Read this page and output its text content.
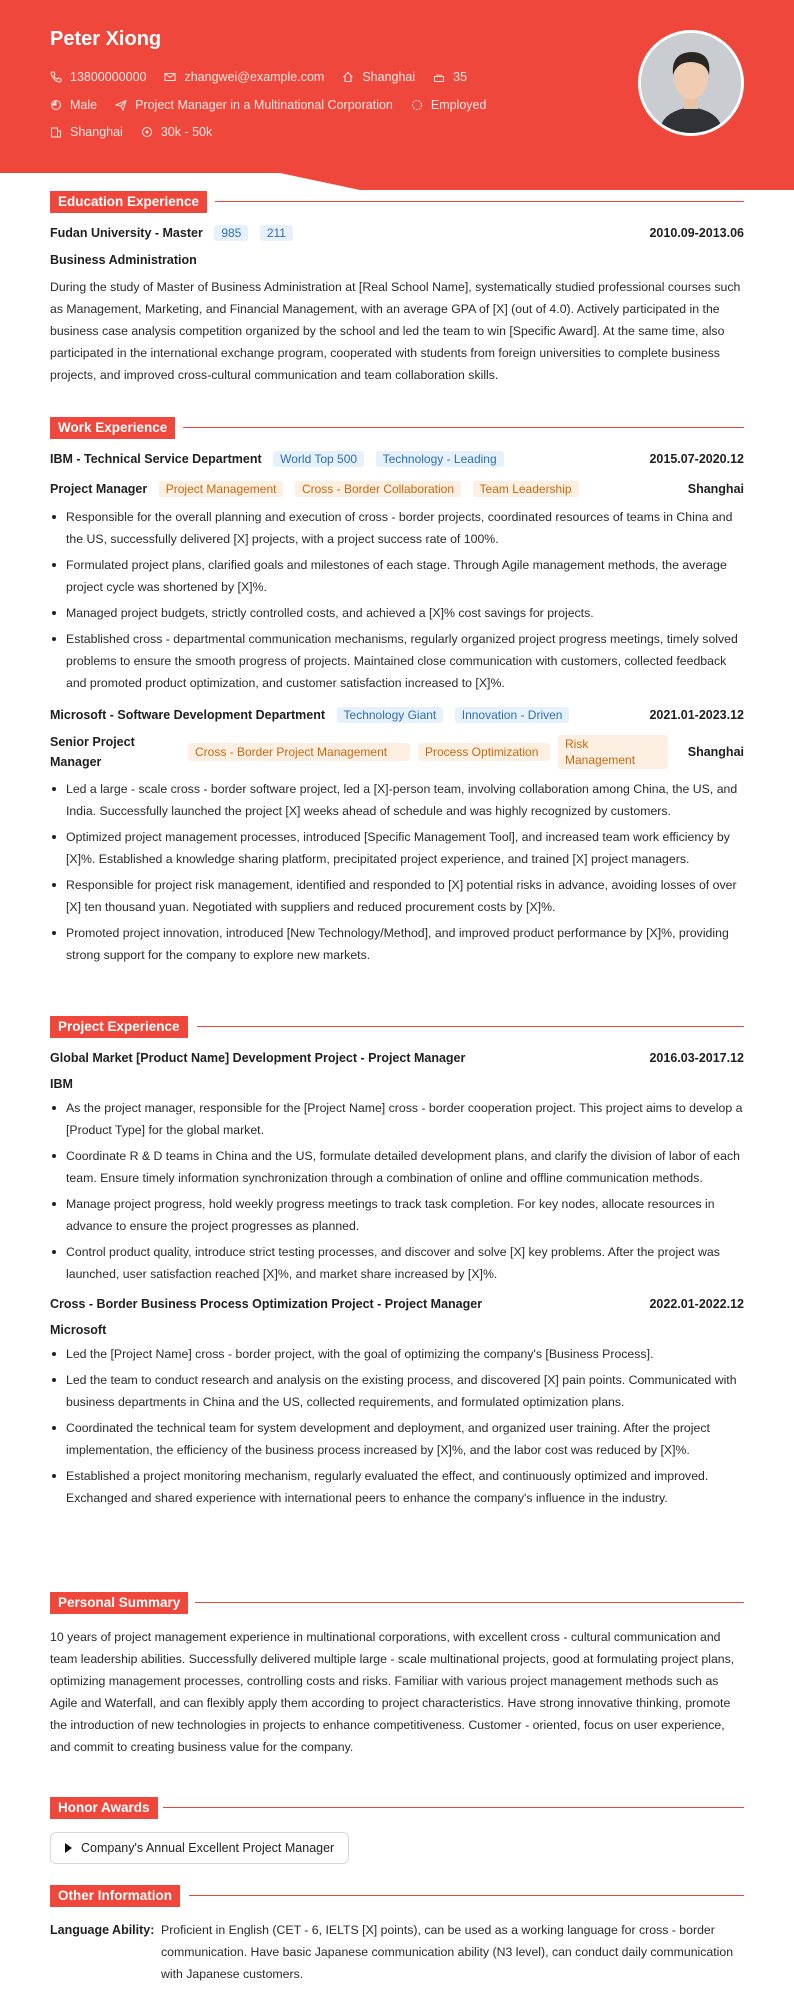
Peter Xiong
13800000000	zhangwei@example.com	Shanghai	35
Male	Project Manager in a Multinational Corporation	Employed
Shanghai	30k - 50k
Education Experience
Fudan University - Master 985 211	2010.09-2013.06
Business Administration
During the study of Master of Business Administration at [Real School Name], systematically studied professional courses such as Management, Marketing, and Financial Management, with an average GPA of [X] (out of 4.0). Actively participated in the business case analysis competition organized by the school and led the team to win [Specific Award]. At the same time, also participated in the international exchange program, cooperated with students from foreign universities to complete business projects, and improved cross-cultural communication and team collaboration skills.
Work Experience
IBM - Technical Service Department World Top 500 Technology - Leading	2015.07-2020.12
Project Manager Project Management Cross - Border Collaboration Team Leadership	Shanghai
Responsible for the overall planning and execution of cross - border projects, coordinated resources of teams in China and the US, successfully delivered [X] projects, with a project success rate of 100%.
Formulated project plans, clarified goals and milestones of each stage. Through Agile management methods, the average project cycle was shortened by [X]%.
Managed project budgets, strictly controlled costs, and achieved a [X]% cost savings for projects.
Established cross - departmental communication mechanisms, regularly organized project progress meetings, timely solved problems to ensure the smooth progress of projects. Maintained close communication with customers, collected feedback and promoted product optimization, and customer satisfaction increased to [X]%.
Microsoft - Software Development Department Technology Giant Innovation - Driven	2021.01-2023.12
Senior Project Manager
Cross - Border Project Management	Process Optimization
Risk Management
Shanghai
Led a large - scale cross - border software project, led a [X]-person team, involving collaboration among China, the US, and India. Successfully launched the project [X] weeks ahead of schedule and was highly recognized by customers.
Optimized project management processes, introduced [Specific Management Tool], and increased team work efficiency by [X]%. Established a knowledge sharing platform, precipitated project experience, and trained [X] project managers.
Responsible for project risk management, identified and responded to [X] potential risks in advance, avoiding losses of over [X] ten thousand yuan. Negotiated with suppliers and reduced procurement costs by [X]%.
Promoted project innovation, introduced [New Technology/Method], and improved product performance by [X]%, providing strong support for the company to explore new markets.
Project Experience
Global Market [Product Name] Development Project - Project Manager	2016.03-2017.12
IBM
As the project manager, responsible for the [Project Name] cross - border cooperation project. This project aims to develop a [Product Type] for the global market.
Coordinate R & D teams in China and the US, formulate detailed development plans, and clarify the division of labor of each team. Ensure timely information synchronization through a combination of online and offline communication methods.
Manage project progress, hold weekly progress meetings to track task completion. For key nodes, allocate resources in advance to ensure the project progresses as planned.
Control product quality, introduce strict testing processes, and discover and solve [X] key problems. After the project was launched, user satisfaction reached [X]%, and market share increased by [X]%.
Cross - Border Business Process Optimization Project - Project Manager	2022.01-2022.12
Microsoft
Led the [Project Name] cross - border project, with the goal of optimizing the company's [Business Process].
Led the team to conduct research and analysis on the existing process, and discovered [X] pain points. Communicated with business departments in China and the US, collected requirements, and formulated optimization plans.
Coordinated the technical team for system development and deployment, and organized user training. After the project implementation, the efficiency of the business process increased by [X]%, and the labor cost was reduced by [X]%.
Established a project monitoring mechanism, regularly evaluated the effect, and continuously optimized and improved. Exchanged and shared experience with international peers to enhance the company's influence in the industry.
Personal Summary
10 years of project management experience in multinational corporations, with excellent cross - cultural communication and team leadership abilities. Successfully delivered multiple large - scale multinational projects, good at formulating project plans, optimizing management processes, controlling costs and risks. Familiar with various project management methods such as Agile and Waterfall, and can flexibly apply them according to project characteristics. Have strong innovative thinking, promote the introduction of new technologies in projects to enhance competitiveness. Customer - oriented, focus on user experience, and commit to creating business value for the company.
Honor Awards
Company's Annual Excellent Project Manager
Other Information
Language Ability: Proficient in English (CET - 6, IELTS [X] points), can be used as a working language for cross - border communication. Have basic Japanese communication ability (N3 level), can conduct daily communication with Japanese customers.
